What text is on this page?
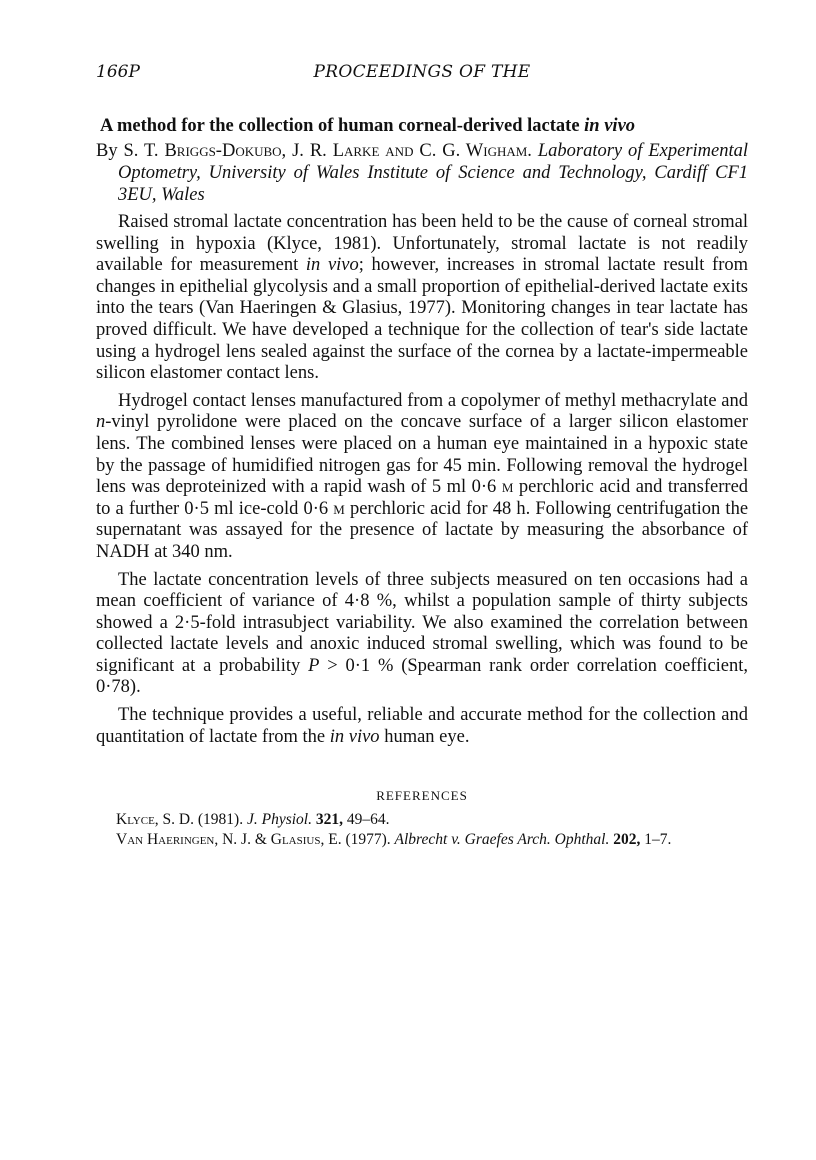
166P	PROCEEDINGS OF THE
A method for the collection of human corneal-derived lactate in vivo

By S. T. Briggs-Dokubo, J. R. Larke and C. G. Wigham. Laboratory of Experimental Optometry, University of Wales Institute of Science and Technology, Cardiff CF1 3EU, Wales

Raised stromal lactate concentration has been held to be the cause of corneal stromal swelling in hypoxia (Klyce, 1981). Unfortunately, stromal lactate is not readily available for measurement in vivo; however, increases in stromal lactate result from changes in epithelial glycolysis and a small proportion of epithelial-derived lactate exits into the tears (Van Haeringen & Glasius, 1977). Monitoring changes in tear lactate has proved difficult. We have developed a technique for the collection of tear's side lactate using a hydrogel lens sealed against the surface of the cornea by a lactate-impermeable silicon elastomer contact lens.

Hydrogel contact lenses manufactured from a copolymer of methyl methacrylate and n-vinyl pyrolidone were placed on the concave surface of a larger silicon elastomer lens. The combined lenses were placed on a human eye maintained in a hypoxic state by the passage of humidified nitrogen gas for 45 min. Following removal the hydrogel lens was deproteinized with a rapid wash of 5 ml 0·6 m perchloric acid and transferred to a further 0·5 ml ice-cold 0·6 m perchloric acid for 48 h. Following centrifugation the supernatant was assayed for the presence of lactate by measuring the absorbance of NADH at 340 nm.

The lactate concentration levels of three subjects measured on ten occasions had a mean coefficient of variance of 4·8 %, whilst a population sample of thirty subjects showed a 2·5-fold intrasubject variability. We also examined the correlation between collected lactate levels and anoxic induced stromal swelling, which was found to be significant at a probability P > 0·1 % (Spearman rank order correlation coefficient, 0·78).

The technique provides a useful, reliable and accurate method for the collection and quantitation of lactate from the in vivo human eye.

REFERENCES

Klyce, S. D. (1981). J. Physiol. 321, 49–64.

Van Haeringen, N. J. & Glasius, E. (1977). Albrecht v. Graefes Arch. Ophthal. 202, 1–7.
